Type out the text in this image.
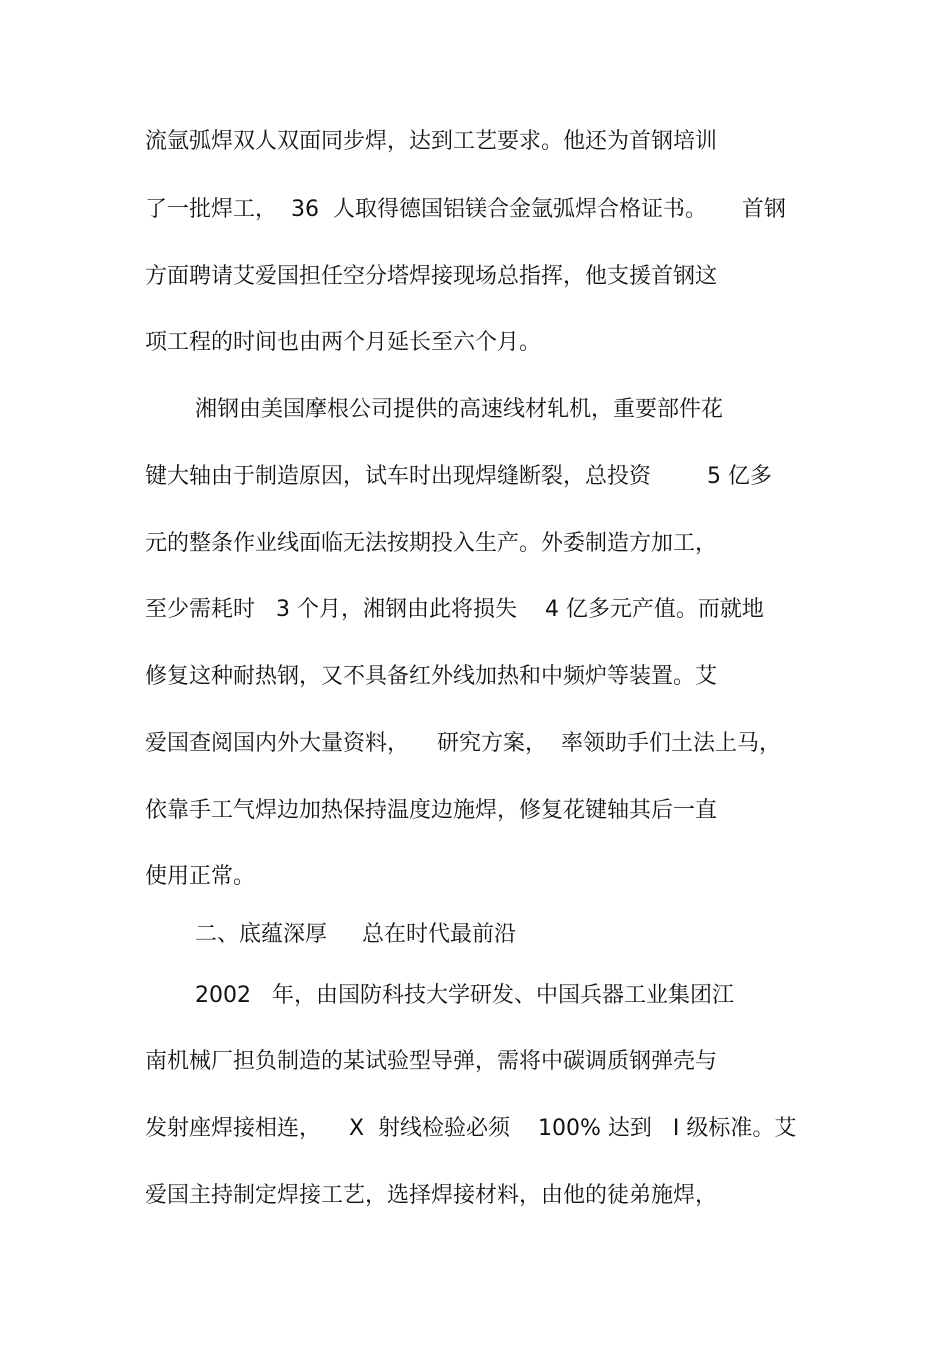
流氩弧焊双人双面同步焊，达到工艺要求。他还为首钢培训
了一批焊工，  36  人取得德国铝镁合金氩弧焊合格证书。     首钢
方面聘请艾爱国担任空分塔焊接现场总指挥，他支援首钢这
项工程的时间也由两个月延长至六个月。
湘钢由美国摩根公司提供的高速线材轧机，重要部件花
键大轴由于制造原因，试车时出现焊缝断裂，总投资        5 亿多
元的整条作业线面临无法按期投入生产。外委制造方加工，
至少需耗时   3 个月，湘钢由此将损失    4 亿多元产值。而就地
修复这种耐热钢，又不具备红外线加热和中频炉等装置。艾
爱国查阅国内外大量资料，    研究方案，  率领助手们土法上马，
依靠手工气焊边加热保持温度边施焊，修复花键轴其后一直
使用正常。
二、底蕴深厚     总在时代最前沿
2002   年，由国防科技大学研发、中国兵器工业集团江
南机械厂担负制造的某试验型导弹，需将中碳调质钢弹壳与
发射座焊接相连，    X  射线检验必须    100% 达到   I 级标准。艾
爱国主持制定焊接工艺，选择焊接材料，由他的徒弟施焊，
